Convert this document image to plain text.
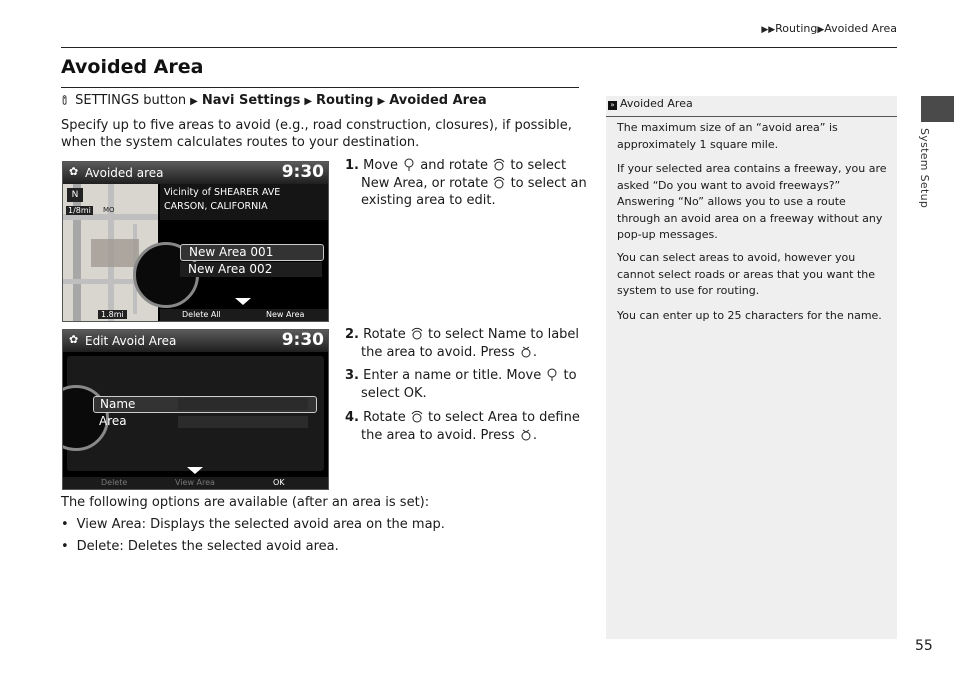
▶▶Routing▶Avoided Area
Avoided Area
SETTINGS button ▶ Navi Settings ▶ Routing ▶ Avoided Area
Specify up to five areas to avoid (e.g., road construction, closures), if possible, when the system calculates routes to your destination.
✿ Avoided area	9:30
N
1/8mi MO
1.8mi
Vicinity of SHEARER AVE
CARSON, CALIFORNIA
New Area 001
New Area 002
Delete All	New Area
✿ Edit Avoid Area	9:30
Name
Area
Delete	View Area	OK
1. Move and rotate to select
New Area, or rotate to select an existing area to edit.
2. Rotate to select Name to label the area to avoid. Press .
3. Enter a name or title. Move to select OK.
4. Rotate to select Area to define the area to avoid. Press .
The following options are available (after an area is set):
• View Area: Displays the selected avoid area on the map.
• Delete: Deletes the selected avoid area.
» Avoided Area
The maximum size of an “avoid area” is approximately 1 square mile.
If your selected area contains a freeway, you are asked “Do you want to avoid freeways?” Answering “No” allows you to use a route through an avoid area on a freeway without any pop-up messages.
You can select areas to avoid, however you cannot select roads or areas that you want the system to use for routing.
You can enter up to 25 characters for the name.
System Setup
55
